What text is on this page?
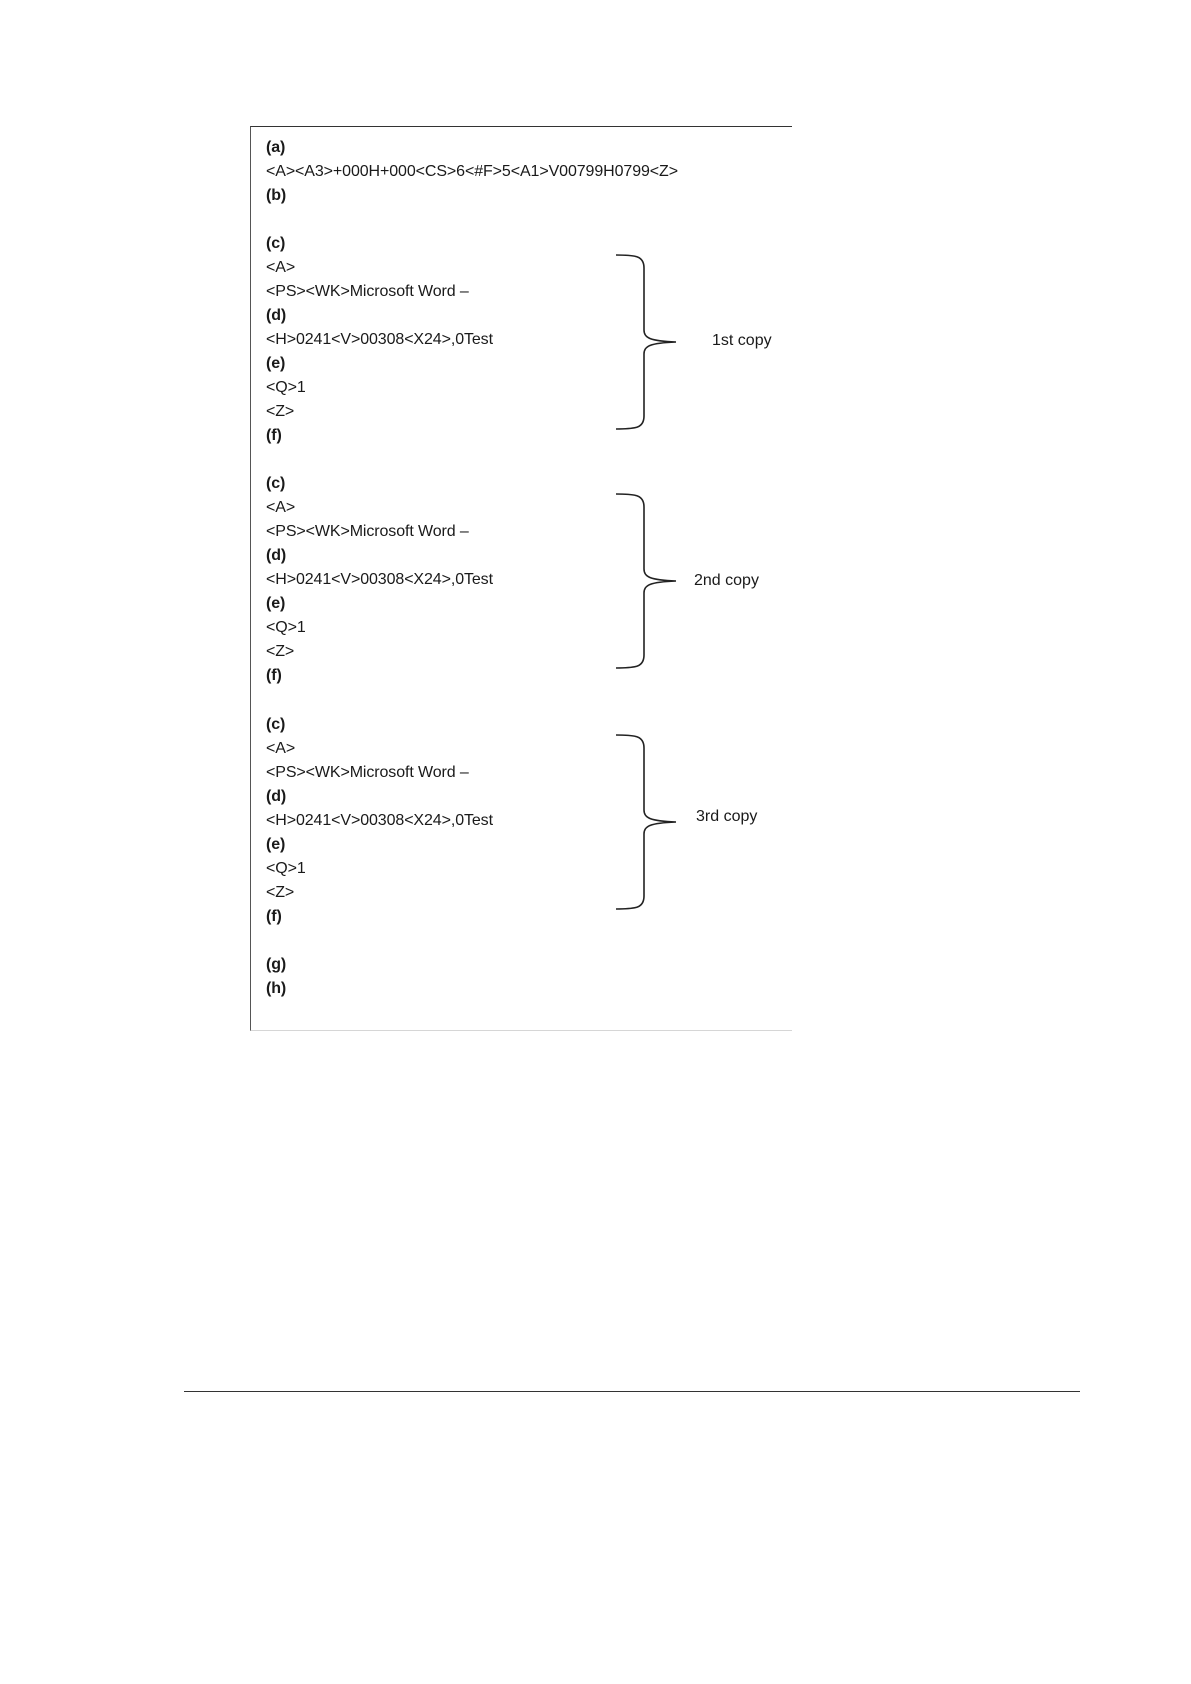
(a)
<A><A3>+000H+000<CS>6<#F>5<A1>V00799H0799<Z>
(b)
(c)
<A>
<PS><WK>Microsoft Word –
(d)
<H>0241<V>00308<X24>,0Test
(e)
<Q>1
<Z>
(f)
1st copy
(c)
<A>
<PS><WK>Microsoft Word –
(d)
<H>0241<V>00308<X24>,0Test
(e)
<Q>1
<Z>
(f)
2nd copy
(c)
<A>
<PS><WK>Microsoft Word –
(d)
<H>0241<V>00308<X24>,0Test
(e)
<Q>1
<Z>
(f)
3rd copy
(g)
(h)
